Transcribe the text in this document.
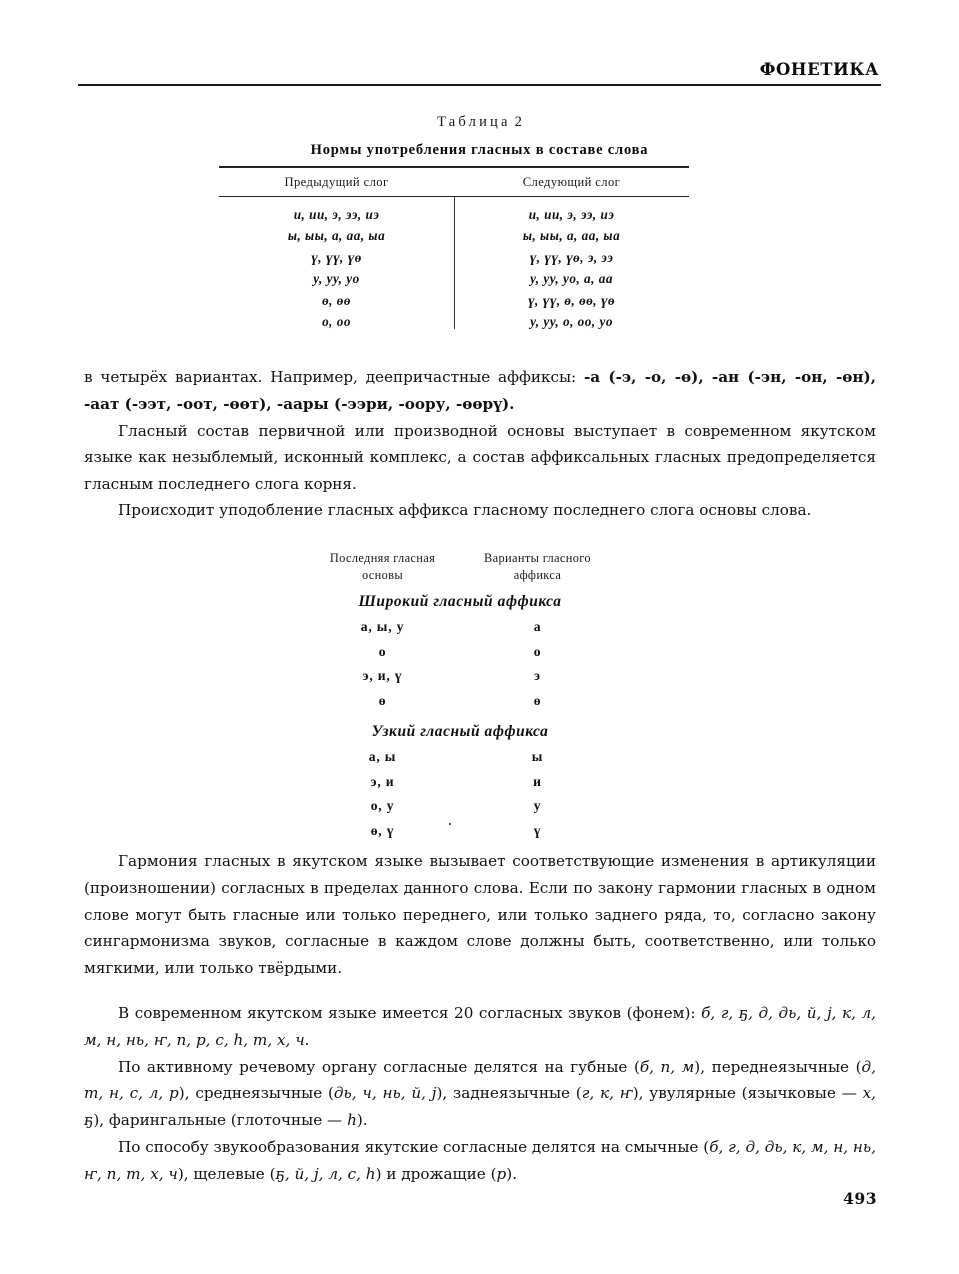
ФОНЕТИКА
Таблица 2
Нормы употребления гласных в составе слова
Предыдущий слог	Следующий слог
и, ии, э, ээ, иэ	и, ии, э, ээ, иэ
ы, ыы, а, аа, ыа	ы, ыы, а, аа, ыа
ү, үү, үө	ү, үү, үө, э, ээ
у, уу, уо	у, уу, уо, а, аа
ө, өө	ү, үү, ө, өө, үө
о, оо	у, уу, о, оо, уо

в четырёх вариантах. Например, деепричастные аффиксы: -а (-э, -о, -ө), -ан (-эн, -он, -өн), -аат (-ээт, -оот, -өөт), -аары (-ээри, -оору, -өөрү).

Гласный состав первичной или производной основы выступает в современном якутском языке как незыблемый, исконный комплекс, а состав аффиксальных гласных предопределяется гласным последнего слога корня.

Происходит уподобление гласных аффикса гласному последнего слога основы слова.

Последняя гласная
основы
Варианты гласного
аффикса
Широкий гласный аффикса
а, ы, у	а
о	о
э, и, ү	э
ө	ө
Узкий гласный аффикса
а, ы	ы
э, и	и
о, у	у
ө, ү	ү

Гармония гласных в якутском языке вызывает соответствующие изменения в артикуляции (произношении) согласных в пределах данного слова. Если по закону гармонии гласных в одном слове могут быть гласные или только переднего, или только заднего ряда, то, согласно закону сингармонизма звуков, согласные в каждом слове должны быть, соответственно, или только мягкими, или только твёрдыми.

В современном якутском языке имеется 20 согласных звуков (фонем): б, г, ҕ, д, дь, й, ј, к, л, м, н, нь, ҥ, п, р, с, һ, т, х, ч.

По активному речевому органу согласные делятся на губные (б, п, м), переднеязычные (д, т, н, с, л, р), среднеязычные (дь, ч, нь, й, ј), заднеязычные (г, к, ҥ), увулярные (язычковые — х, ҕ), фарингальные (глоточные — һ).

По способу звукообразования якутские согласные делятся на смычные (б, г, д, дь, к, м, н, нь, ҥ, п, т, х, ч), щелевые (ҕ, й, ј, л, с, һ) и дрожащие (р).

493
